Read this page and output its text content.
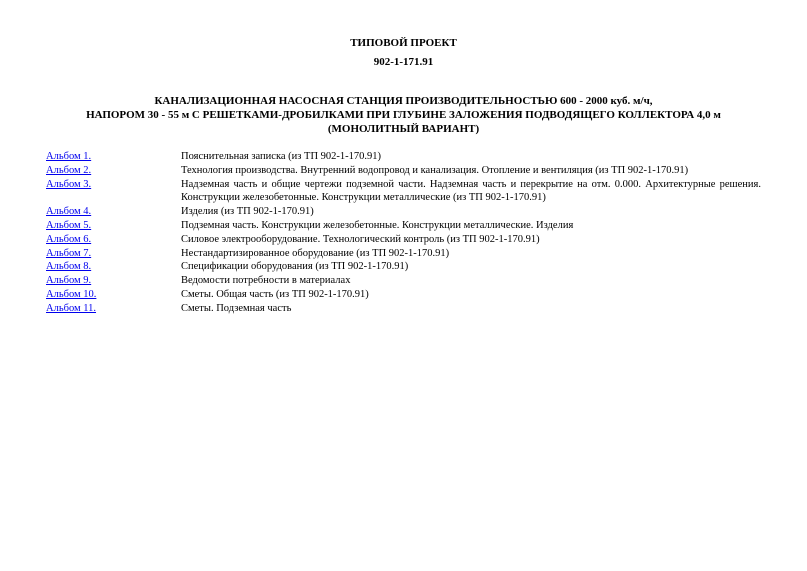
ТИПОВОЙ ПРОЕКТ
902-1-171.91
КАНАЛИЗАЦИОННАЯ НАСОСНАЯ СТАНЦИЯ ПРОИЗВОДИТЕЛЬНОСТЬЮ 600 - 2000 куб. м/ч,
НАПОРОМ 30 - 55 м С РЕШЕТКАМИ-ДРОБИЛКАМИ ПРИ ГЛУБИНЕ ЗАЛОЖЕНИЯ ПОДВОДЯЩЕГО КОЛЛЕКТОРА 4,0 м
(МОНОЛИТНЫЙ ВАРИАНТ)
Альбом 1.	Пояснительная записка (из ТП 902-1-170.91)
Альбом 2.	Технология производства. Внутренний водопровод и канализация. Отопление и вентиляция (из ТП 902-1-170.91)
Альбом 3.	Надземная часть и общие чертежи подземной части. Надземная часть и перекрытие на отм. 0.000. Архитектурные решения. Конструкции железобетонные. Конструкции металлические (из ТП 902-1-170.91)
Альбом 4.	Изделия (из ТП 902-1-170.91)
Альбом 5.	Подземная часть. Конструкции железобетонные. Конструкции металлические. Изделия
Альбом 6.	Силовое электрооборудование. Технологический контроль (из ТП 902-1-170.91)
Альбом 7.	Нестандартизированное оборудование (из ТП 902-1-170.91)
Альбом 8.	Спецификации оборудования (из ТП 902-1-170.91)
Альбом 9.	Ведомости потребности в материалах
Альбом 10.	Сметы. Общая часть (из ТП 902-1-170.91)
Альбом 11.	Сметы. Подземная часть
